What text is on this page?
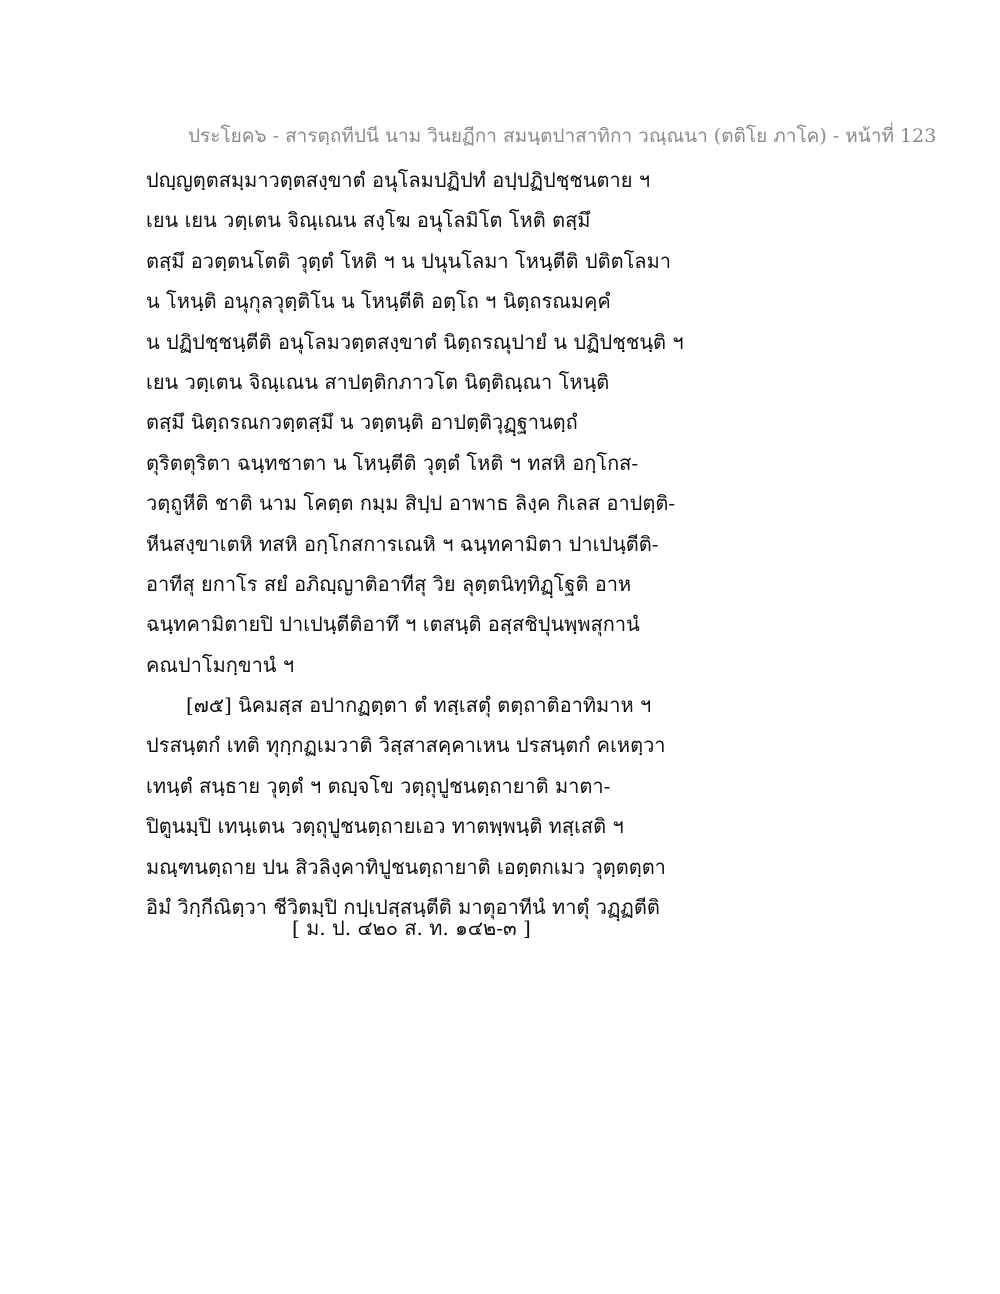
ประโยค๖ - สารตฺถทีปนี นาม วินยฏีกา สมนฺตปาสาทิกา วณฺณนา (ตติโย ภาโค) - หน้าที่ 123
ปญฺญตฺตสมฺมาวตฺตสงฺขาตํ อนุโลมปฏิปทํ อปฺปฏิปชฺชนตาย ฯ
เยน เยน วตฺเตน จิณฺเณน สงฺโฆ อนุโลมิโต โหติ ตสฺมึ
ตสฺมึ อวตฺตนโตติ วุตฺตํ โหติ ฯ น ปนุนโลมา โหนฺตีติ ปติตโลมา
น โหนฺติ อนุกุลวุตฺติโน น โหนฺตีติ อตฺโถ ฯ นิตฺถรณมคฺคํ
น ปฏิปชฺชนฺตีติ อนุโลมวตฺตสงฺขาตํ นิตฺถรณุปายํ น ปฏิปชฺชนฺติ ฯ
เยน วตฺเตน จิณฺเณน สาปตฺติกภาวโต นิตฺติณฺณา โหนฺติ
ตสฺมึ นิตฺถรณกวตฺตสฺมึ น วตฺตนฺติ อาปตฺติวุฏฺฐานตฺถํ
ตุริตตุริตา ฉนฺทชาตา น โหนฺตีติ วุตฺตํ โหติ ฯ ทสหิ อกฺโกส-
วตฺถูหีติ ชาติ นาม โคตฺต กมฺม สิปฺป อาพาธ ลิงฺค กิเลส อาปตฺติ-
หีนสงฺขาเตหิ ทสหิ อกฺโกสการเณหิ ฯ ฉนฺทคามิตา ปาเปนฺตีติ-
อาทีสุ ยกาโร สยํ อภิญฺญาติอาทีสุ วิย ลุตฺตนิทฺทิฏฺโฐติ อาห
ฉนฺทคามิตายปิ ปาเปนฺตีติอาทึ ฯ เตสนฺติ อสฺสชิปุนพฺพสุกานํ
คณปาโมกฺขานํ ฯ
[๗๕] นิคมสฺส อปากฏตฺตา ตํ ทสฺเสตุํ ตตฺถาติอาทิมาห ฯ
ปรสนฺตกํ เทติ ทุกฺกฏเมวาติ วิสฺสาสคฺคาเหน ปรสนฺตกํ คเหตฺวา
เทนฺตํ สนฺธาย วุตฺตํ ฯ ตญฺจโข วตฺถุปูชนตฺถายาติ มาตา-
ปิตูนมฺปิ เทนฺเตน วตฺถุปูชนตฺถายเอว ทาตพฺพนฺติ ทสฺเสติ ฯ
มณฺฑนตฺถาย ปน สิวลิงฺคาทิปูชนตฺถายาติ เอตฺตกเมว วุตฺตตฺตา
อิมํ วิกฺกีณิตฺวา ชีวิตมฺปิ กปฺเปสฺสนฺตีติ มาตุอาทีนํ ทาตุํ วฏฺฏตีติ
[ ม. ป. ๔๒๐ ส. ท. ๑๔๒-๓ ]
